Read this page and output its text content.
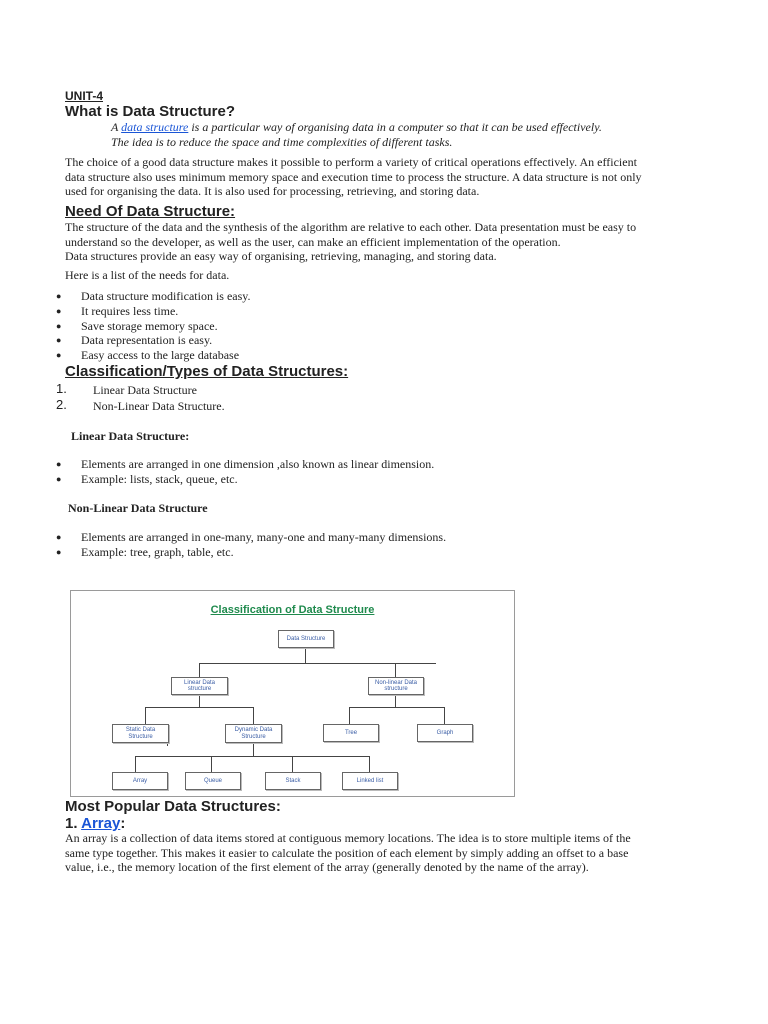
UNIT-4
What is Data Structure?
A data structure is a particular way of organising data in a computer so that it can be used effectively.
The idea is to reduce the space and time complexities of different tasks.
The choice of a good data structure makes it possible to perform a variety of critical operations effectively. An efficient
data structure also uses minimum memory space and execution time to process the structure. A data structure is not only
used for organising the data. It is also used for processing, retrieving, and storing data.
Need Of Data Structure:
The structure of the data and the synthesis of the algorithm are relative to each other. Data presentation must be easy to
understand so the developer, as well as the user, can make an efficient implementation of the operation.
Data structures provide an easy way of organising, retrieving, managing, and storing data.
Here is a list of the needs for data.
● Data structure modification is easy.
● It requires less time.
● Save storage memory space.
● Data representation is easy.
● Easy access to the large database
Classification/Types of Data Structures:
1. Linear Data Structure
2. Non-Linear Data Structure.
Linear Data Structure:
● Elements are arranged in one dimension ,also known as linear dimension.
● Example: lists, stack, queue, etc.
Non-Linear Data Structure
● Elements are arranged in one-many, many-one and many-many dimensions.
● Example: tree, graph, table, etc.
Classification of Data Structure
Data Structure
Linear Data
structure
Non-linear Data
structure
Static Data
Structure
Dynamic Data
Structure
Tree	Graph
Array	Queue	Stack	Linked list
Most Popular Data Structures:
1. Array:
An array is a collection of data items stored at contiguous memory locations. The idea is to store multiple items of the
same type together. This makes it easier to calculate the position of each element by simply adding an offset to a base
value, i.e., the memory location of the first element of the array (generally denoted by the name of the array).
